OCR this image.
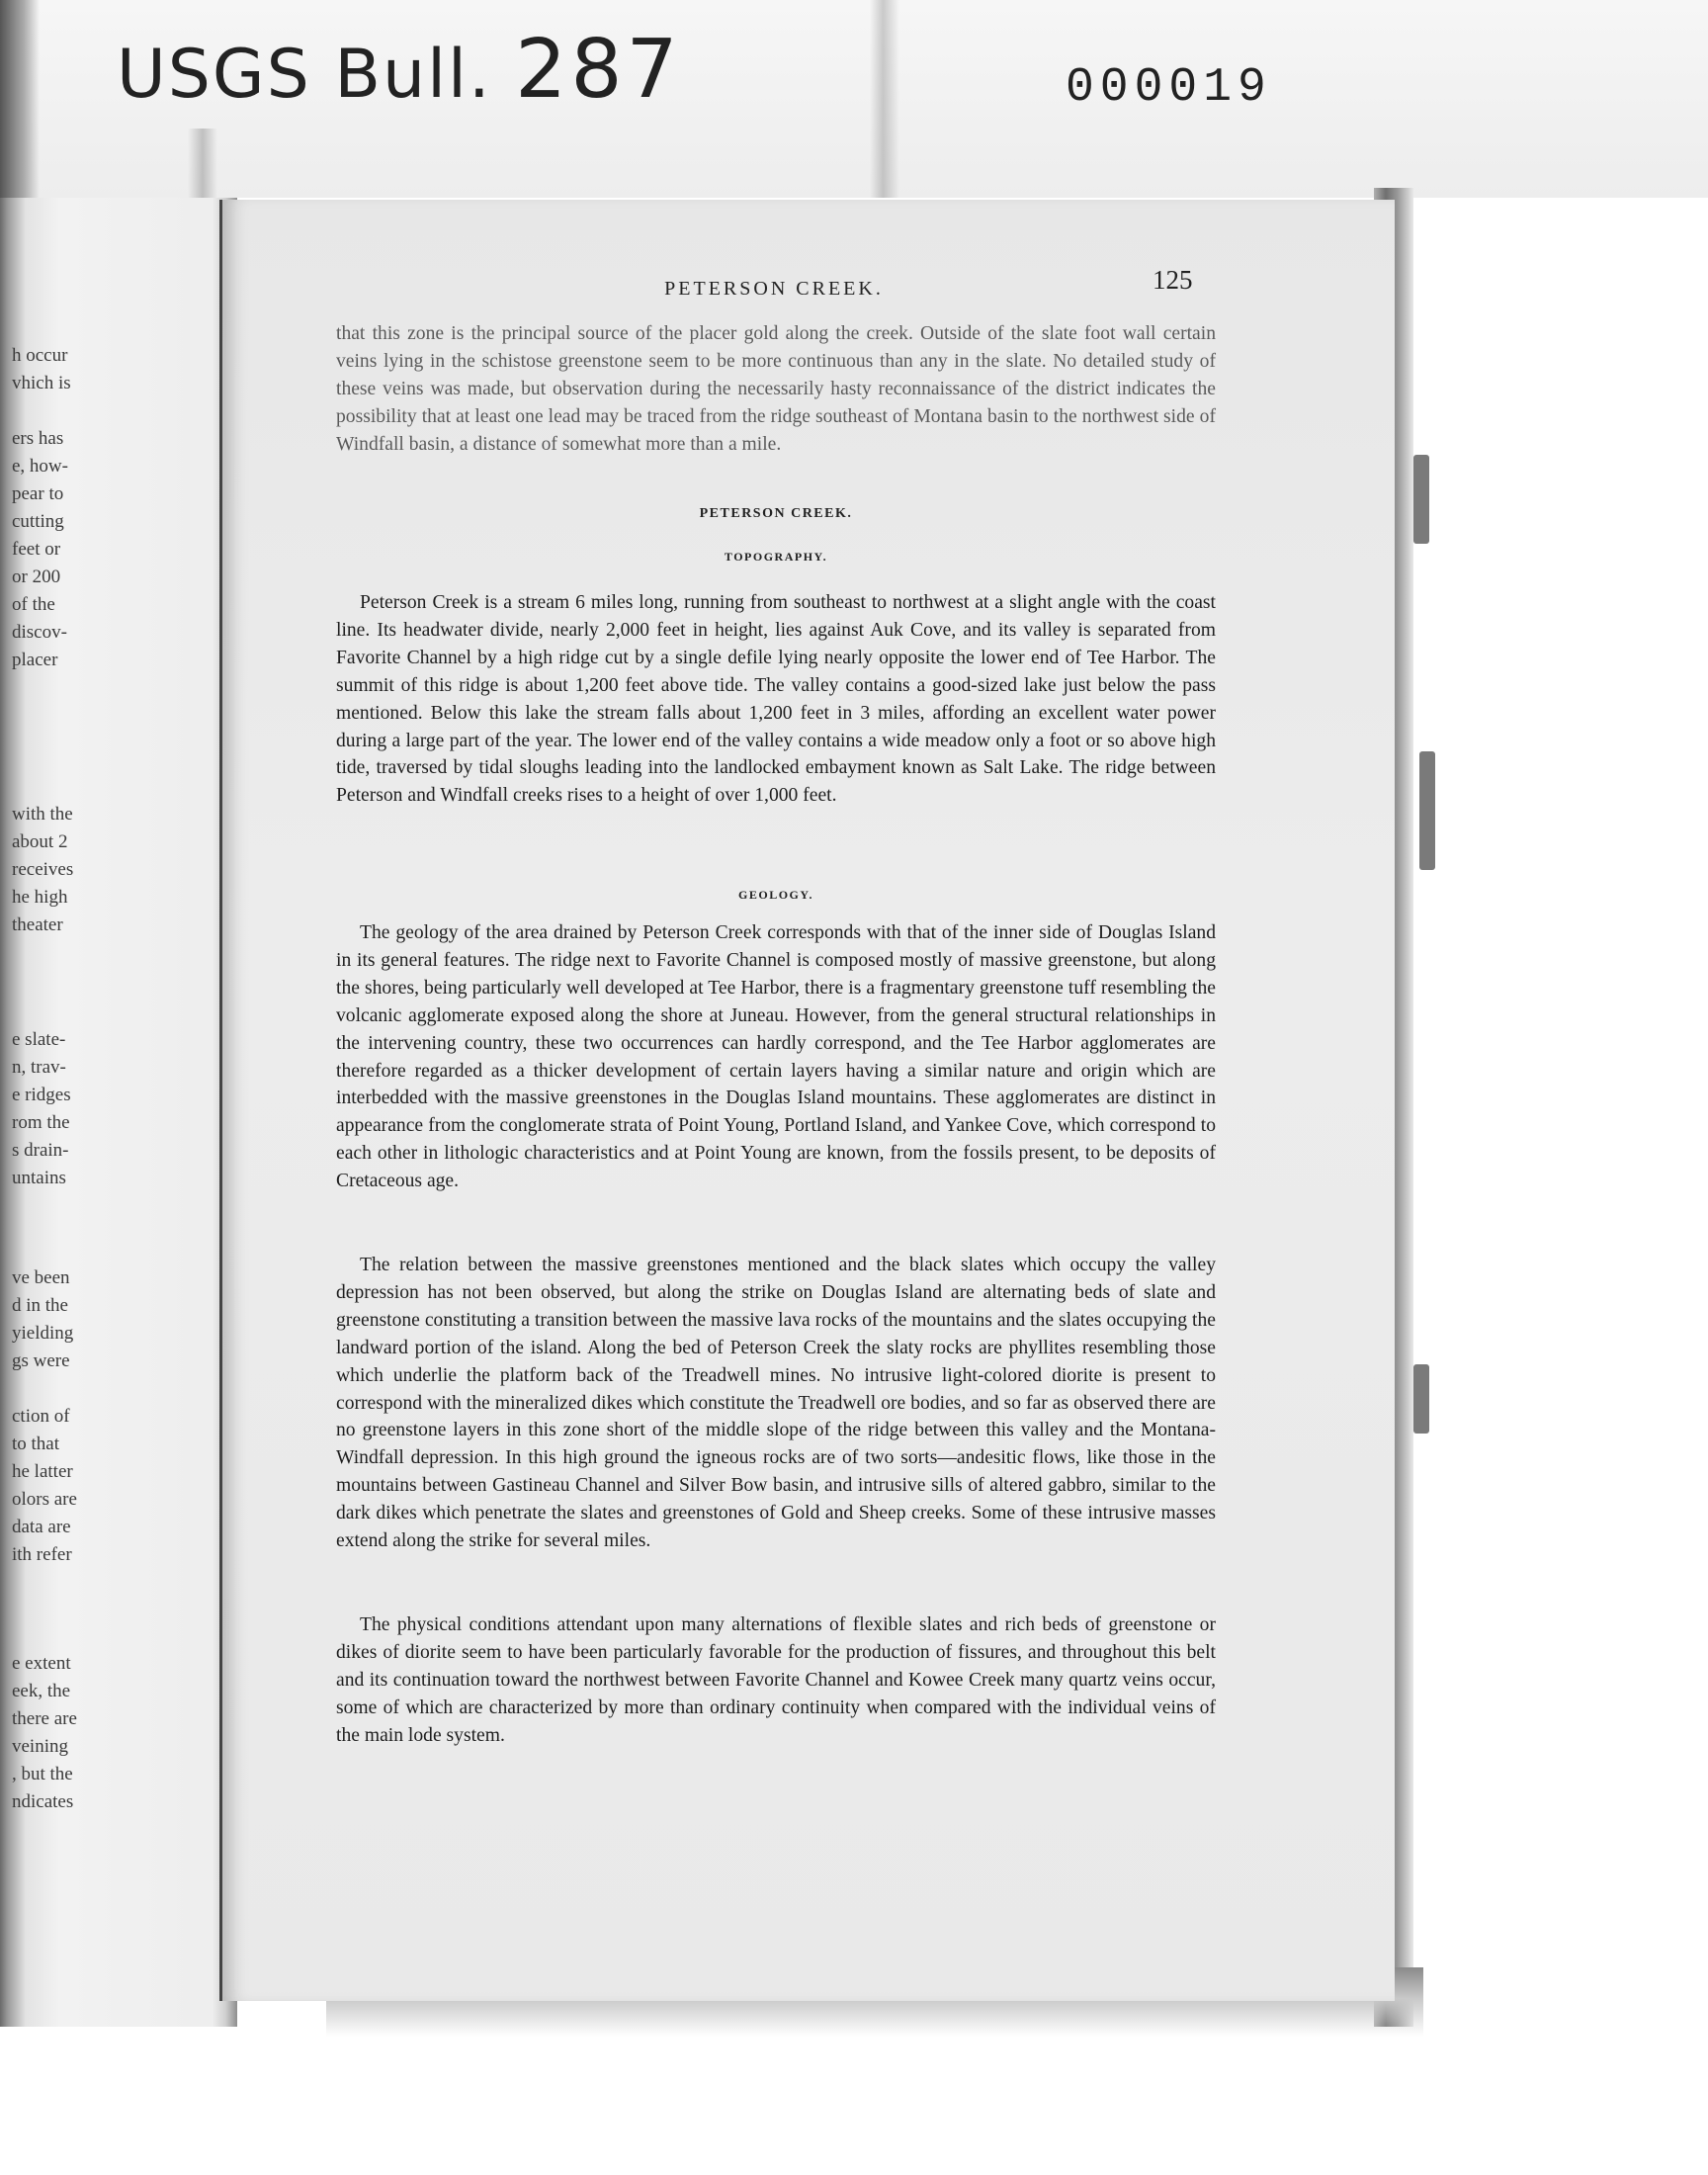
USGS Bull. 287	000019
h occur
vhich is
ers has
e, how-
pear to
cutting
feet or
or 200
of the
discov-
placer
with the
about 2
receives
he high
theater
e slate-
n, trav-
e ridges
rom the
s drain-
untains
ve been
d in the
yielding
gs were
ction of
to that
he latter
olors are
data are
ith refer
e extent
eek, the
there are
veining
, but the
ndicates
PETERSON CREEK.	125

that this zone is the principal source of the placer gold along the creek. Outside of the slate foot wall certain veins lying in the schistose greenstone seem to be more continuous than any in the slate. No detailed study of these veins was made, but observation during the necessarily hasty reconnaissance of the district indicates the possibility that at least one lead may be traced from the ridge southeast of Montana basin to the northwest side of Windfall basin, a distance of somewhat more than a mile.

PETERSON CREEK.
TOPOGRAPHY.

Peterson Creek is a stream 6 miles long, running from southeast to northwest at a slight angle with the coast line. Its headwater divide, nearly 2,000 feet in height, lies against Auk Cove, and its valley is separated from Favorite Channel by a high ridge cut by a single defile lying nearly opposite the lower end of Tee Harbor. The summit of this ridge is about 1,200 feet above tide. The valley contains a good-sized lake just below the pass mentioned. Below this lake the stream falls about 1,200 feet in 3 miles, affording an excellent water power during a large part of the year. The lower end of the valley contains a wide meadow only a foot or so above high tide, traversed by tidal sloughs leading into the landlocked embayment known as Salt Lake. The ridge between Peterson and Windfall creeks rises to a height of over 1,000 feet.

GEOLOGY.

The geology of the area drained by Peterson Creek corresponds with that of the inner side of Douglas Island in its general features. The ridge next to Favorite Channel is composed mostly of massive greenstone, but along the shores, being particularly well developed at Tee Harbor, there is a fragmentary greenstone tuff resembling the volcanic agglomerate exposed along the shore at Juneau. However, from the general structural relationships in the intervening country, these two occurrences can hardly correspond, and the Tee Harbor agglomerates are therefore regarded as a thicker development of certain layers having a similar nature and origin which are interbedded with the massive greenstones in the Douglas Island mountains. These agglomerates are distinct in appearance from the conglomerate strata of Point Young, Portland Island, and Yankee Cove, which correspond to each other in lithologic characteristics and at Point Young are known, from the fossils present, to be deposits of Cretaceous age.

The relation between the massive greenstones mentioned and the black slates which occupy the valley depression has not been observed, but along the strike on Douglas Island are alternating beds of slate and greenstone constituting a transition between the massive lava rocks of the mountains and the slates occupying the landward portion of the island. Along the bed of Peterson Creek the slaty rocks are phyllites resembling those which underlie the platform back of the Treadwell mines. No intrusive light-colored diorite is present to correspond with the mineralized dikes which constitute the Treadwell ore bodies, and so far as observed there are no greenstone layers in this zone short of the middle slope of the ridge between this valley and the Montana-Windfall depression. In this high ground the igneous rocks are of two sorts—andesitic flows, like those in the mountains between Gastineau Channel and Silver Bow basin, and intrusive sills of altered gabbro, similar to the dark dikes which penetrate the slates and greenstones of Gold and Sheep creeks. Some of these intrusive masses extend along the strike for several miles.

The physical conditions attendant upon many alternations of flexible slates and rich beds of greenstone or dikes of diorite seem to have been particularly favorable for the production of fissures, and throughout this belt and its continuation toward the northwest between Favorite Channel and Kowee Creek many quartz veins occur, some of which are characterized by more than ordinary continuity when compared with the individual veins of the main lode system.
